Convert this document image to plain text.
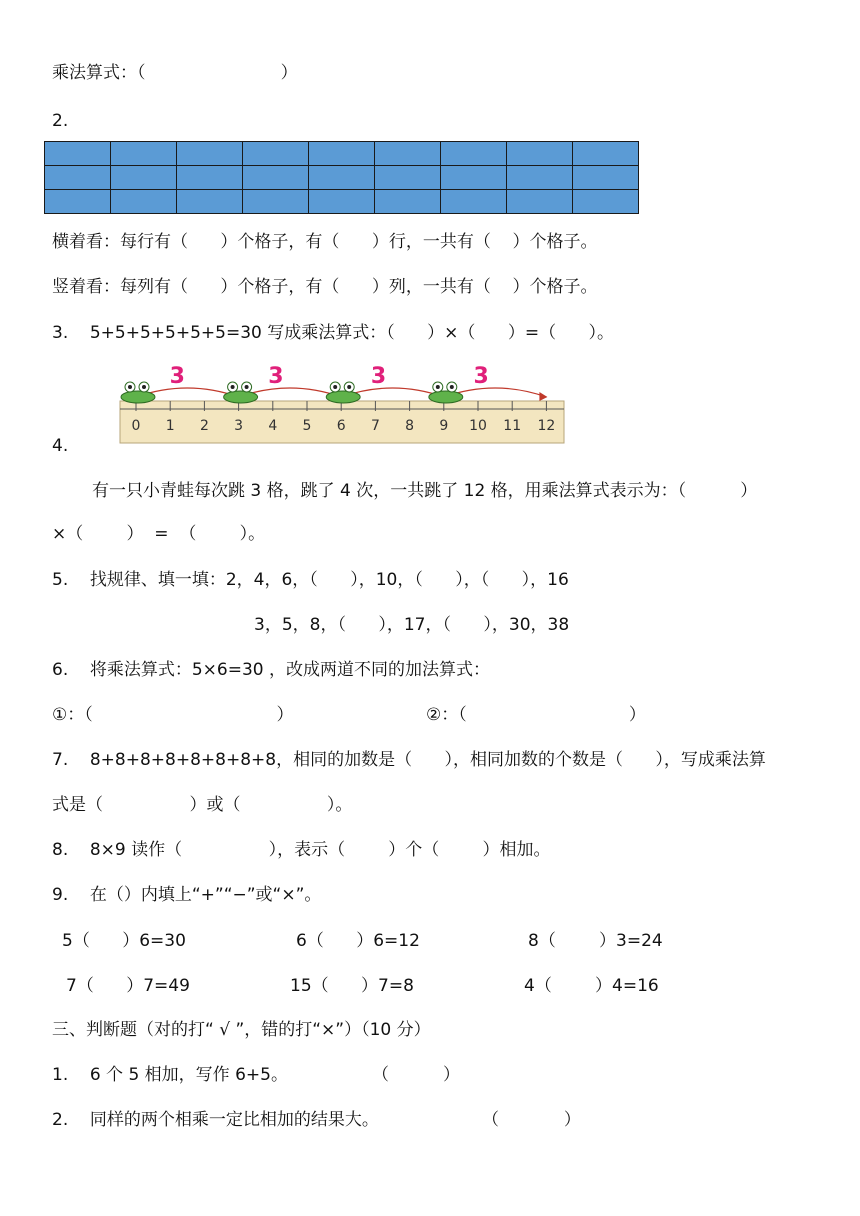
乘法算式：（                         ）
2.

横着看：每行有（      ）个格子，有（      ）行，一共有（    ）个格子。
竖着看：每列有（      ）个格子，有（      ）列，一共有（    ）个格子。
3.    5+5+5+5+5+5=30 写成乘法算式：（      ）×（      ）=（      ）。
0 1 2 3 4 5 6 7 8 9 10 11 12
3	3	3	3
4.
有一只小青蛙每次跳 3 格，跳了 4 次，一共跳了 12 格，用乘法算式表示为：（          ）
×（        ）  =  （        ）。
5.    找规律、填一填：2，4，6，（      ），10，（      ），（      ），16
3，5，8，（      ），17，（      ），30，38
6.    将乘法算式：5×6=30 ，改成两道不同的加法算式：
①：（                                  ）	②：（                              ）
7.    8+8+8+8+8+8+8+8，相同的加数是（      ），相同加数的个数是（      ），写成乘法算
式是（                ）或（                ）。
8.    8×9 读作（                ），表示（        ）个（        ）相加。
9.    在（）内填上“+”“−”或“×”。
5（      ）6=30	6（      ）6=12	8（        ）3=24
7（      ）7=49	15（      ）7=8	4（        ）4=16
三、判断题（对的打“ √ ”，错的打“×”）（10 分）
1.    6 个 5 相加，写作 6+5。	（          ）
2.    同样的两个相乘一定比相加的结果大。	（            ）
